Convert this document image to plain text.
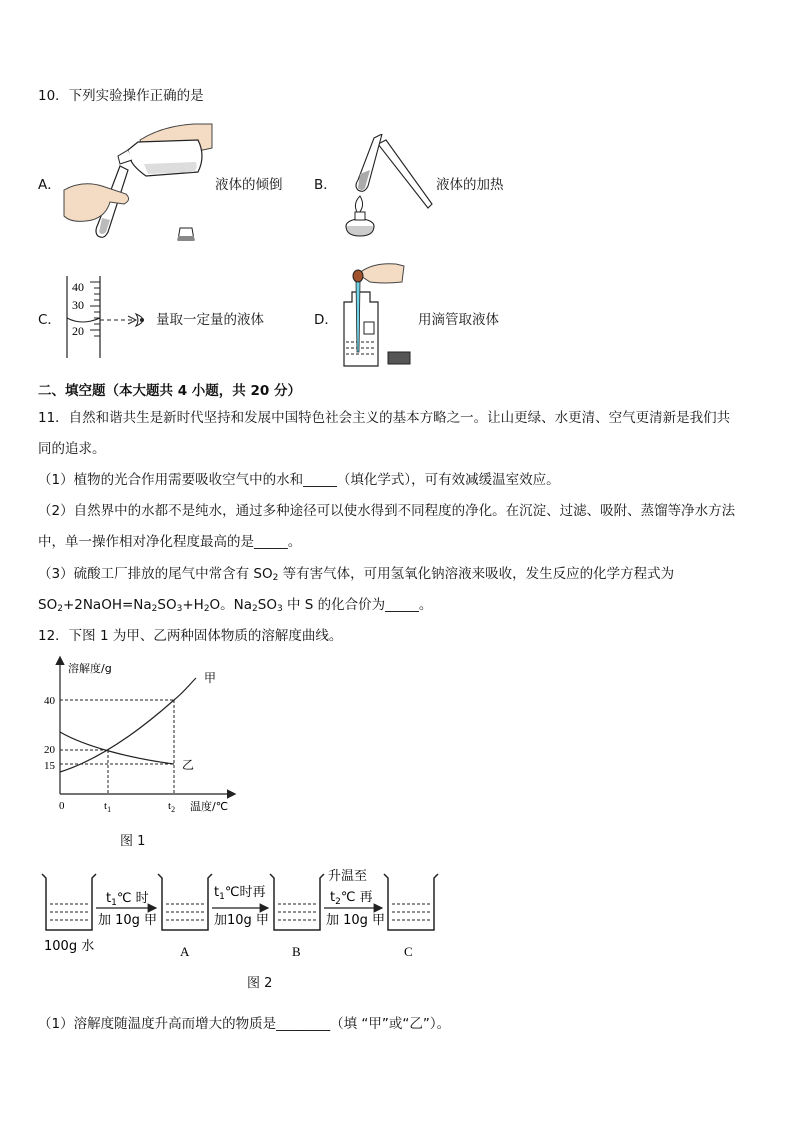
10．下列实验操作正确的是
A．	液体的倾倒 B．	液体的加热
C．
40
30
20
量取一定量的液体	D．	用滴管取液体
二、填空题（本大题共 4 小题，共 20 分）
11．自然和谐共生是新时代坚持和发展中国特色社会主义的基本方略之一。让山更绿、水更清、空气更清新是我们共
同的追求。
（1）植物的光合作用需要吸收空气中的水和_____（填化学式），可有效减缓温室效应。
（2）自然界中的水都不是纯水，通过多种途径可以使水得到不同程度的净化。在沉淀、过滤、吸附、蒸馏等净水方法
中，单一操作相对净化程度最高的是_____。
（3）硫酸工厂排放的尾气中常含有 $SO_2$ 等有害气体，可用氢氧化钠溶液来吸收，发生反应的化学方程式为
$SO_2+2NaOH=Na_2SO_3+H_2O$。$Na_2SO_3$ 中 S 的化合价为_____。
12．下图 1 为甲、乙两种固体物质的溶解度曲线。
溶解度/g
温度/℃
0
40
20
15
$t_1$	$t_2$
甲
乙
图 1
$t_1℃$ 时
加 10g 甲
$t_1℃$时再
加10g 甲
升温至
$t_2℃$ 再
加 10g 甲
100g 水	A	B	C
图 2
（1）溶解度随温度升高而增大的物质是________（填 “甲”或“乙”）。
